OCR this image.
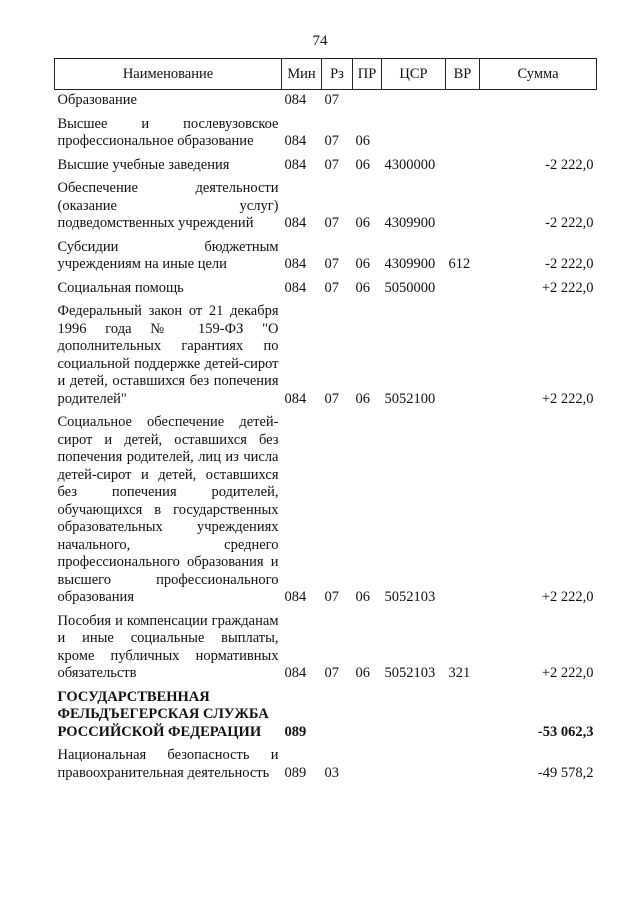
74
Наименование	Мин	Рз	ПР	ЦСР	ВР	Сумма
Образование	084	07				
Высшее и послевузовское профессиональное образование	084	07	06			
Высшие учебные заведения	084	07	06	4300000		-2 222,0
Обеспечение деятельности (оказание услуг) подведомственных учреждений	084	07	06	4309900		-2 222,0
Субсидии бюджетным учреждениям на иные цели	084	07	06	4309900	612	-2 222,0
Социальная помощь	084	07	06	5050000		+2 222,0
Федеральный закон от 21 декабря 1996 года № 159-ФЗ "О дополнительных гарантиях по социальной поддержке детей-сирот и детей, оставшихся без попечения родителей"	084	07	06	5052100		+2 222,0
Социальное обеспечение детей-сирот и детей, оставшихся без попечения родителей, лиц из числа детей-сирот и детей, оставшихся без попечения родителей, обучающихся в государственных образовательных учреждениях начального, среднего профессионального образования и высшего профессионального образования	084	07	06	5052103		+2 222,0
Пособия и компенсации гражданам и иные социальные выплаты, кроме публичных нормативных обязательств	084	07	06	5052103	321	+2 222,0
ГОСУДАРСТВЕННАЯ ФЕЛЬДЪЕГЕРСКАЯ СЛУЖБА РОССИЙСКОЙ ФЕДЕРАЦИИ	089					-53 062,3
Национальная безопасность и правоохранительная деятельность	089	03				-49 578,2
